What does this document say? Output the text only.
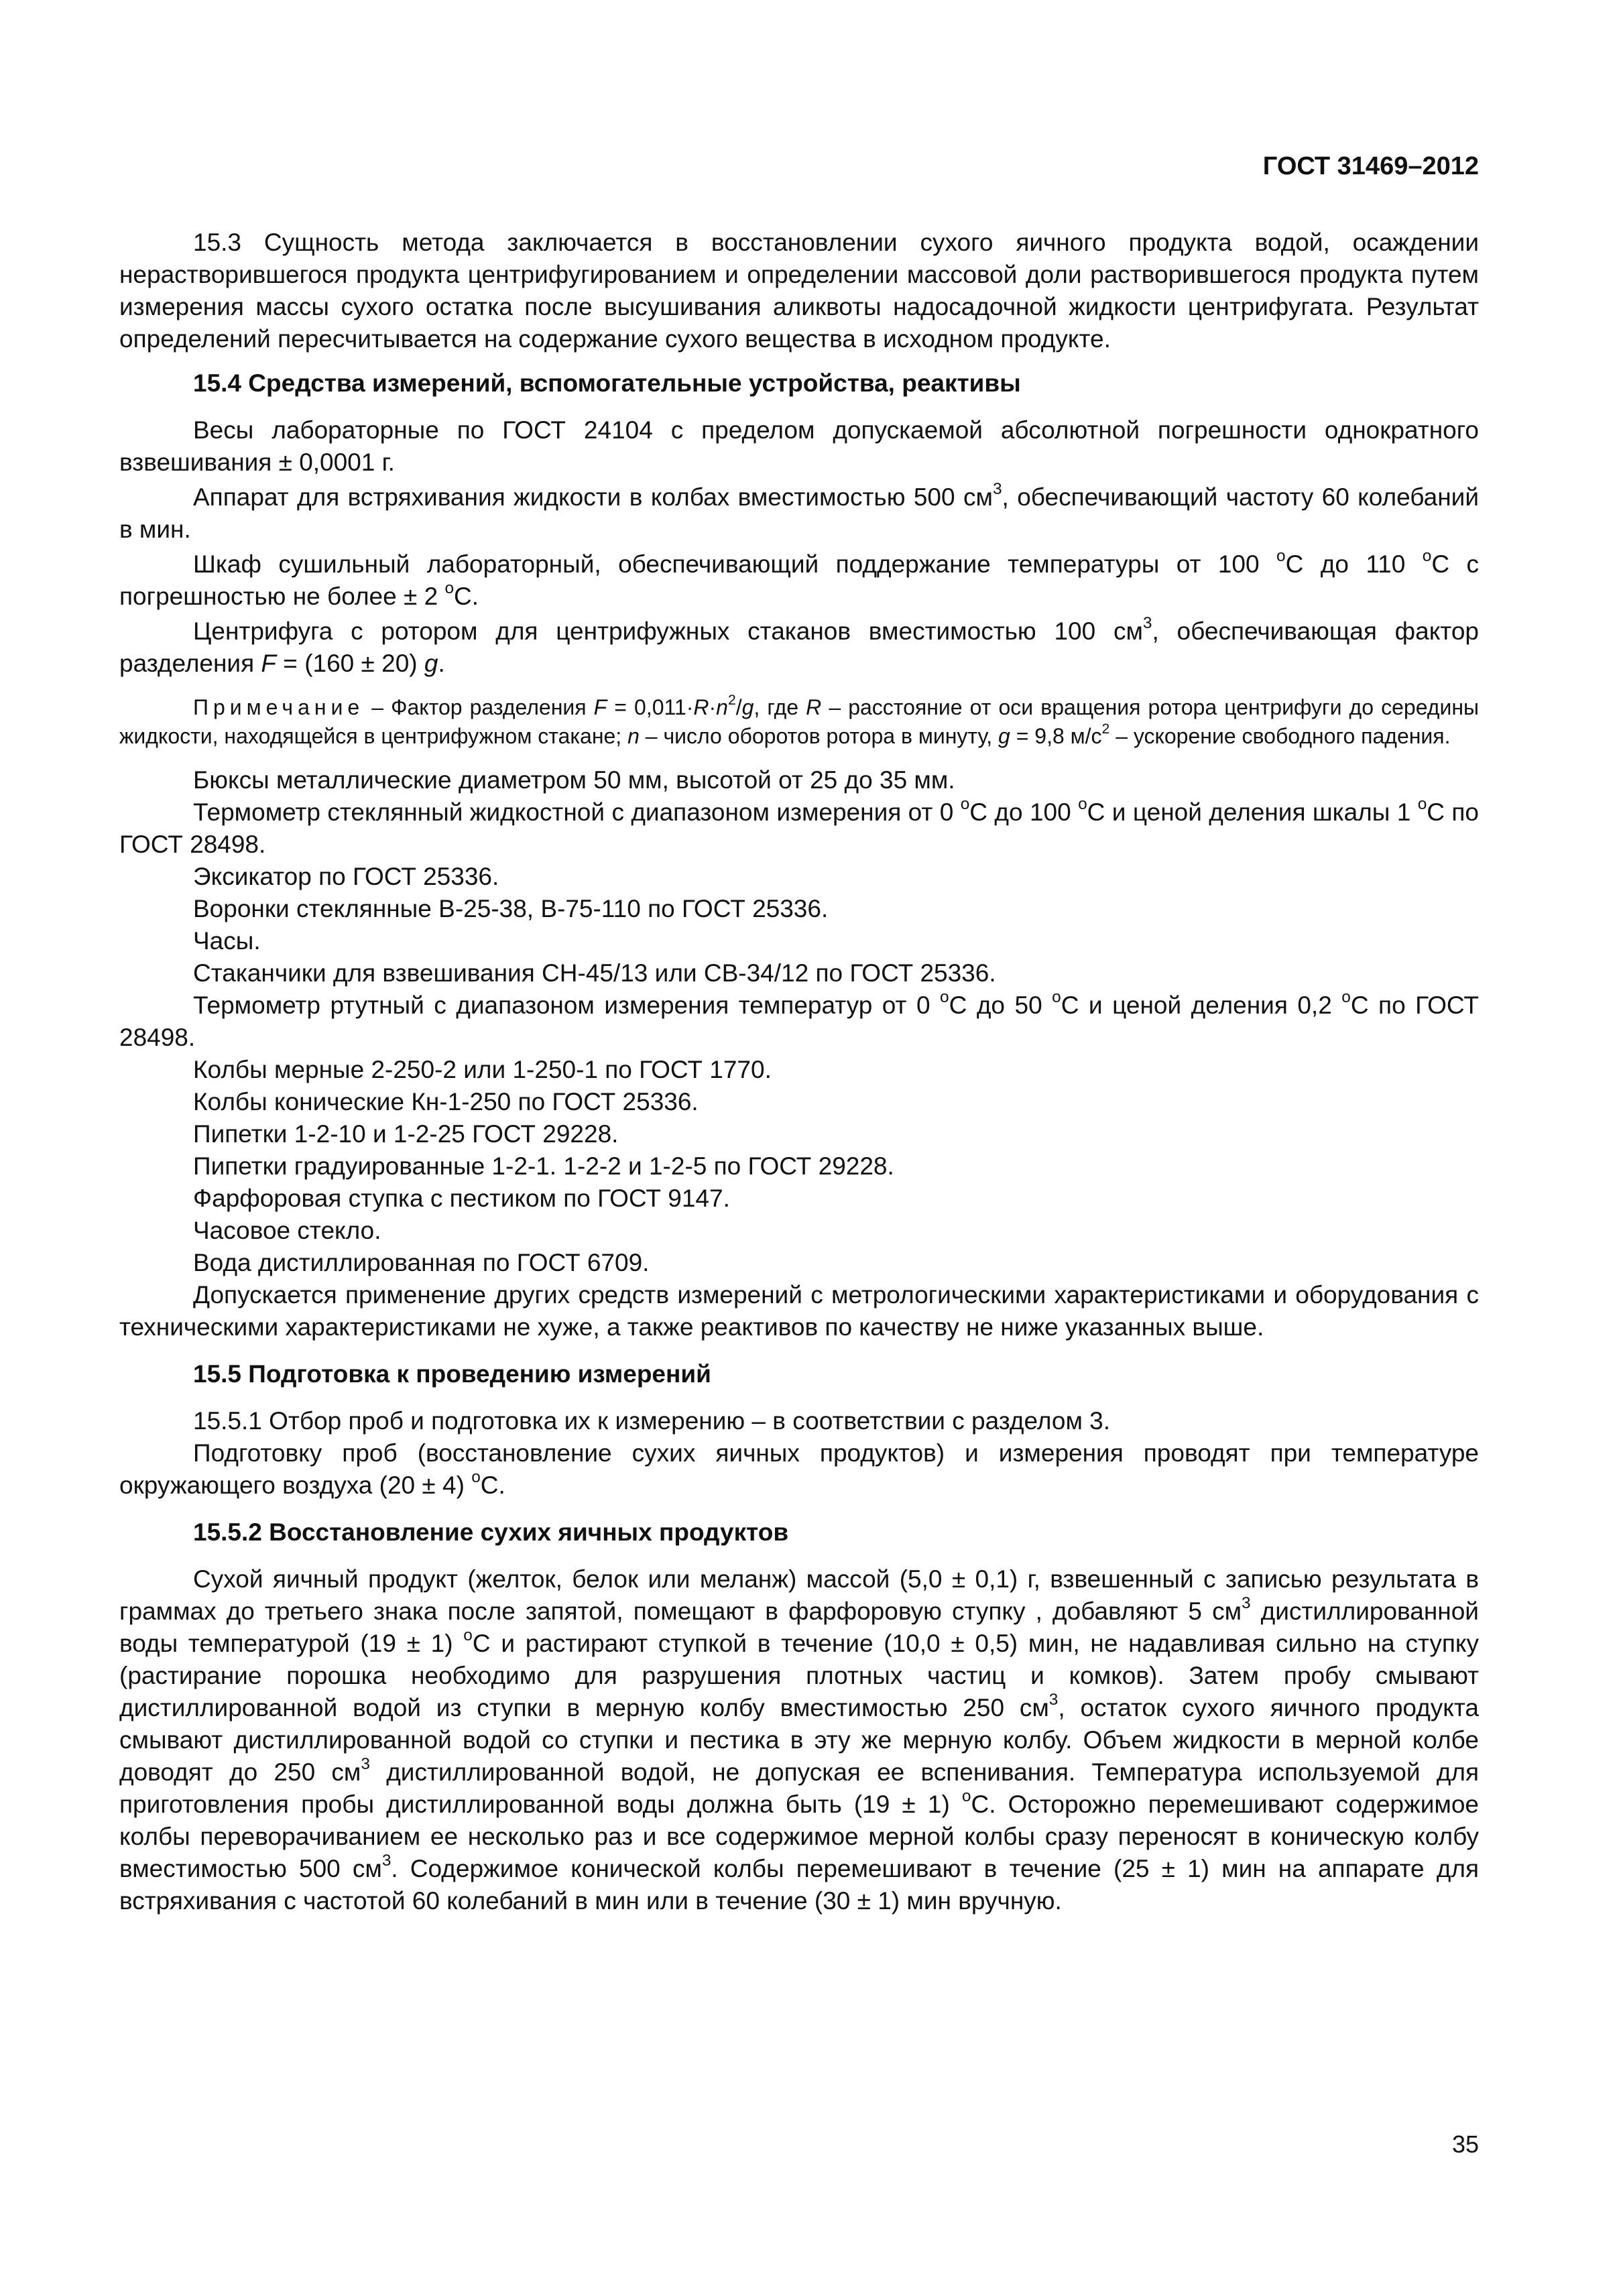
ГОСТ 31469–2012

15.3 Сущность метода заключается в восстановлении сухого яичного продукта водой, осаждении нерастворившегося продукта центрифугированием и определении массовой доли растворившегося продукта путем измерения массы сухого остатка после высушивания аликвоты надосадочной жидкости центрифугата. Результат определений пересчитывается на содержание сухого вещества в исходном продукте.

15.4 Средства измерений, вспомогательные устройства, реактивы

Весы лабораторные по ГОСТ 24104 с пределом допускаемой абсолютной погрешности однократного взвешивания ± 0,0001 г.

Аппарат для встряхивания жидкости в колбах вместимостью 500 $см^3$, обеспечивающий частоту 60 колебаний в мин.

Шкаф сушильный лабораторный, обеспечивающий поддержание температуры от 100 $^о$С до 110 $^о$С с погрешностью не более ± 2 $^о$С.

Центрифуга с ротором для центрифужных стаканов вместимостью 100 $см^3$, обеспечивающая фактор разделения F = (160 ± 20) g.

Примечание – Фактор разделения $F = 0,011\cdot R\cdot n^2/g$, где R – расстояние от оси вращения ротора центрифуги до середины жидкости, находящейся в центрифужном стакане; n – число оборотов ротора в минуту, g = 9,8 $м/с^2$ – ускорение свободного падения.

Бюксы металлические диаметром 50 мм, высотой от 25 до 35 мм.

Термометр стеклянный жидкостной с диапазоном измерения от 0 $^о$С до 100 $^о$С и ценой деления шкалы 1 $^о$С по ГОСТ 28498.

Эксикатор по ГОСТ 25336.

Воронки стеклянные В-25-38, В-75-110 по ГОСТ 25336.

Часы.

Стаканчики для взвешивания СН-45/13 или СВ-34/12 по ГОСТ 25336.

Термометр ртутный с диапазоном измерения температур от 0 $^о$С до 50 $^о$С и ценой деления 0,2 $^о$С по ГОСТ 28498.

Колбы мерные 2-250-2 или 1-250-1 по ГОСТ 1770.

Колбы конические Кн-1-250 по ГОСТ 25336.

Пипетки 1-2-10 и 1-2-25 ГОСТ 29228.

Пипетки градуированные 1-2-1. 1-2-2 и 1-2-5 по ГОСТ 29228.

Фарфоровая ступка с пестиком по ГОСТ 9147.

Часовое стекло.

Вода дистиллированная по ГОСТ 6709.

Допускается применение других средств измерений с метрологическими характеристиками и оборудования с техническими характеристиками не хуже, а также реактивов по качеству не ниже указанных выше.

15.5 Подготовка к проведению измерений

15.5.1 Отбор проб и подготовка их к измерению – в соответствии с разделом 3.

Подготовку проб (восстановление сухих яичных продуктов) и измерения проводят при температуре окружающего воздуха (20 ± 4) $^о$С.

15.5.2 Восстановление сухих яичных продуктов

Сухой яичный продукт (желток, белок или меланж) массой (5,0 ± 0,1) г, взвешенный с записью результата в граммах до третьего знака после запятой, помещают в фарфоровую ступку , добавляют 5 $см^3$ дистиллированной воды температурой (19 ± 1) $^о$С и растирают ступкой в течение (10,0 ± 0,5) мин, не надавливая сильно на ступку (растирание порошка необходимо для разрушения плотных частиц и комков). Затем пробу смывают дистиллированной водой из ступки в мерную колбу вместимостью 250 $см^3$, остаток сухого яичного продукта смывают дистиллированной водой со ступки и пестика в эту же мерную колбу. Объем жидкости в мерной колбе доводят до 250 $см^3$ дистиллированной водой, не допуская ее вспенивания. Температура используемой для приготовления пробы дистиллированной воды должна быть (19 ± 1) $^о$С. Осторожно перемешивают содержимое колбы переворачиванием ее несколько раз и все содержимое мерной колбы сразу переносят в коническую колбу вместимостью 500 $см^3$. Содержимое конической колбы перемешивают в течение (25 ± 1) мин на аппарате для встряхивания с частотой 60 колебаний в мин или в течение (30 ± 1) мин вручную.

35
